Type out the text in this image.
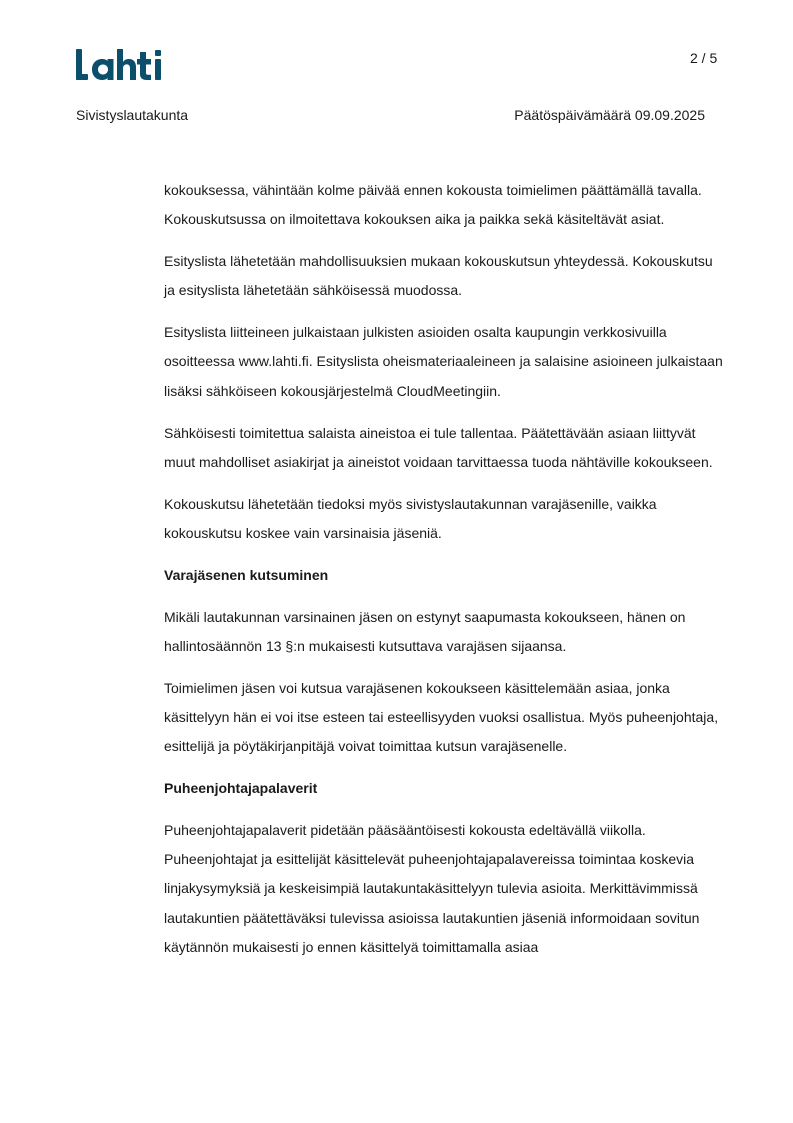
2 / 5
Sivistyslautakunta	Päätöspäivämäärä 09.09.2025

kokouksessa, vähintään kolme päivää ennen kokousta toimielimen päättämällä tavalla. Kokouskutsussa on ilmoitettava kokouksen aika ja paikka sekä käsiteltävät asiat.

Esityslista lähetetään mahdollisuuksien mukaan kokouskutsun yhteydessä. Kokouskutsu ja esityslista lähetetään sähköisessä muodossa.

Esityslista liitteineen julkaistaan julkisten asioiden osalta kaupungin verkkosivuilla osoitteessa www.lahti.fi. Esityslista oheismateriaaleineen ja salaisine asioineen julkaistaan lisäksi sähköiseen kokousjärjestelmä CloudMeetingiin.

Sähköisesti toimitettua salaista aineistoa ei tule tallentaa. Päätettävään asiaan liittyvät muut mahdolliset asiakirjat ja aineistot voidaan tarvittaessa tuoda nähtäville kokoukseen.

Kokouskutsu lähetetään tiedoksi myös sivistyslautakunnan varajäsenille, vaikka kokouskutsu koskee vain varsinaisia jäseniä.

Varajäsenen kutsuminen

Mikäli lautakunnan varsinainen jäsen on estynyt saapumasta kokoukseen, hänen on hallintosäännön 13 §:n mukaisesti kutsuttava varajäsen sijaansa.

Toimielimen jäsen voi kutsua varajäsenen kokoukseen käsittelemään asiaa, jonka käsittelyyn hän ei voi itse esteen tai esteellisyyden vuoksi osallistua. Myös puheenjohtaja, esittelijä ja pöytäkirjanpitäjä voivat toimittaa kutsun varajäsenelle.

Puheenjohtajapalaverit

Puheenjohtajapalaverit pidetään pääsääntöisesti kokousta edeltävällä viikolla. Puheenjohtajat ja esittelijät käsittelevät puheenjohtajapalavereissa toimintaa koskevia linjakysymyksiä ja keskeisimpiä lautakuntakäsittelyyn tulevia asioita. Merkittävimmissä lautakuntien päätettäväksi tulevissa asioissa lautakuntien jäseniä informoidaan sovitun käytännön mukaisesti jo ennen käsittelyä toimittamalla asiaa
